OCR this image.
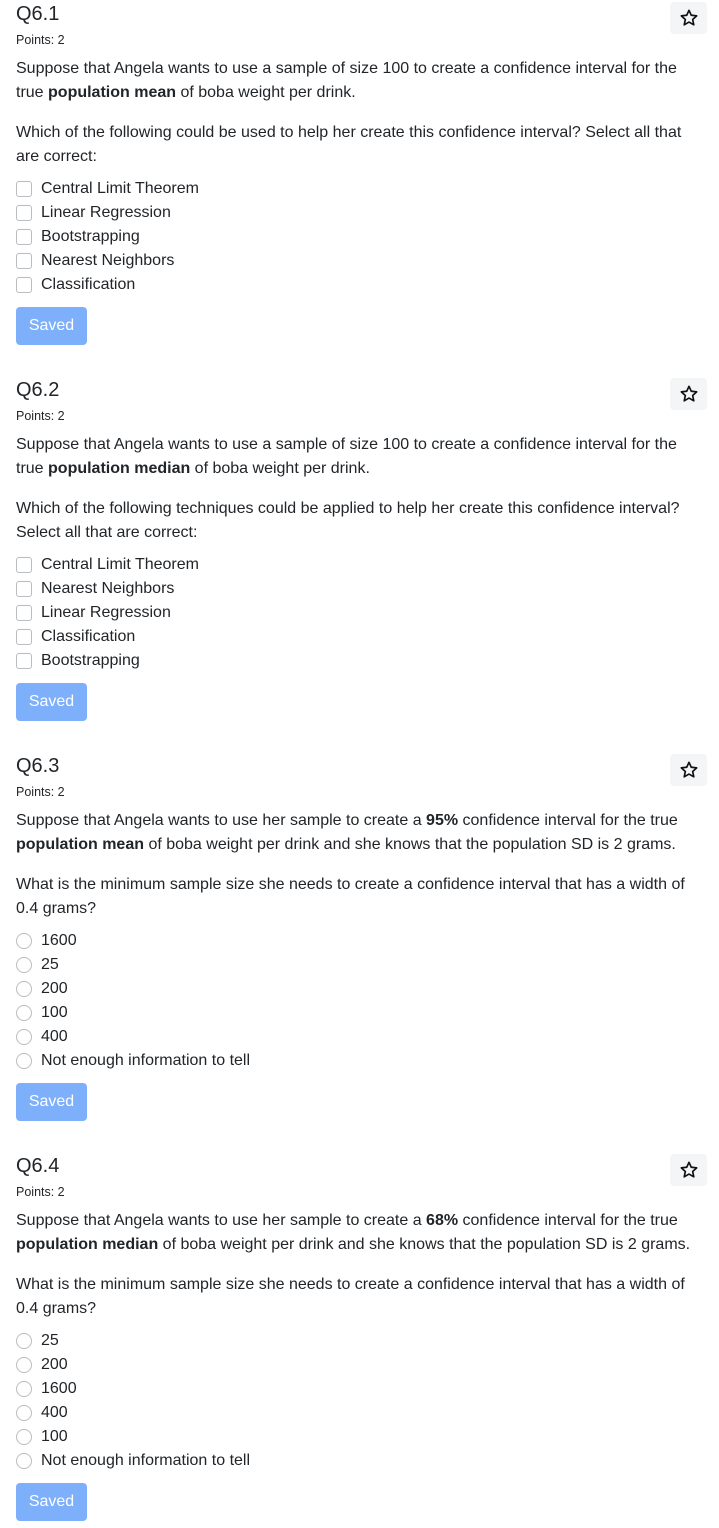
Q6.1
Points: 2

Suppose that Angela wants to use a sample of size 100 to create a confidence interval for the true population mean of boba weight per drink.

Which of the following could be used to help her create this confidence interval? Select all that are correct:

Central Limit Theorem
Linear Regression
Bootstrapping
Nearest Neighbors
Classification
Saved
Q6.2
Points: 2

Suppose that Angela wants to use a sample of size 100 to create a confidence interval for the true population median of boba weight per drink.

Which of the following techniques could be applied to help her create this confidence interval? Select all that are correct:

Central Limit Theorem
Nearest Neighbors
Linear Regression
Classification
Bootstrapping
Saved
Q6.3
Points: 2

Suppose that Angela wants to use her sample to create a 95% confidence interval for the true population mean of boba weight per drink and she knows that the population SD is 2 grams.

What is the minimum sample size she needs to create a confidence interval that has a width of 0.4 grams?

1600
25
200
100
400
Not enough information to tell
Saved
Q6.4
Points: 2

Suppose that Angela wants to use her sample to create a 68% confidence interval for the true population median of boba weight per drink and she knows that the population SD is 2 grams.

What is the minimum sample size she needs to create a confidence interval that has a width of 0.4 grams?

25
200
1600
400
100
Not enough information to tell
Saved
